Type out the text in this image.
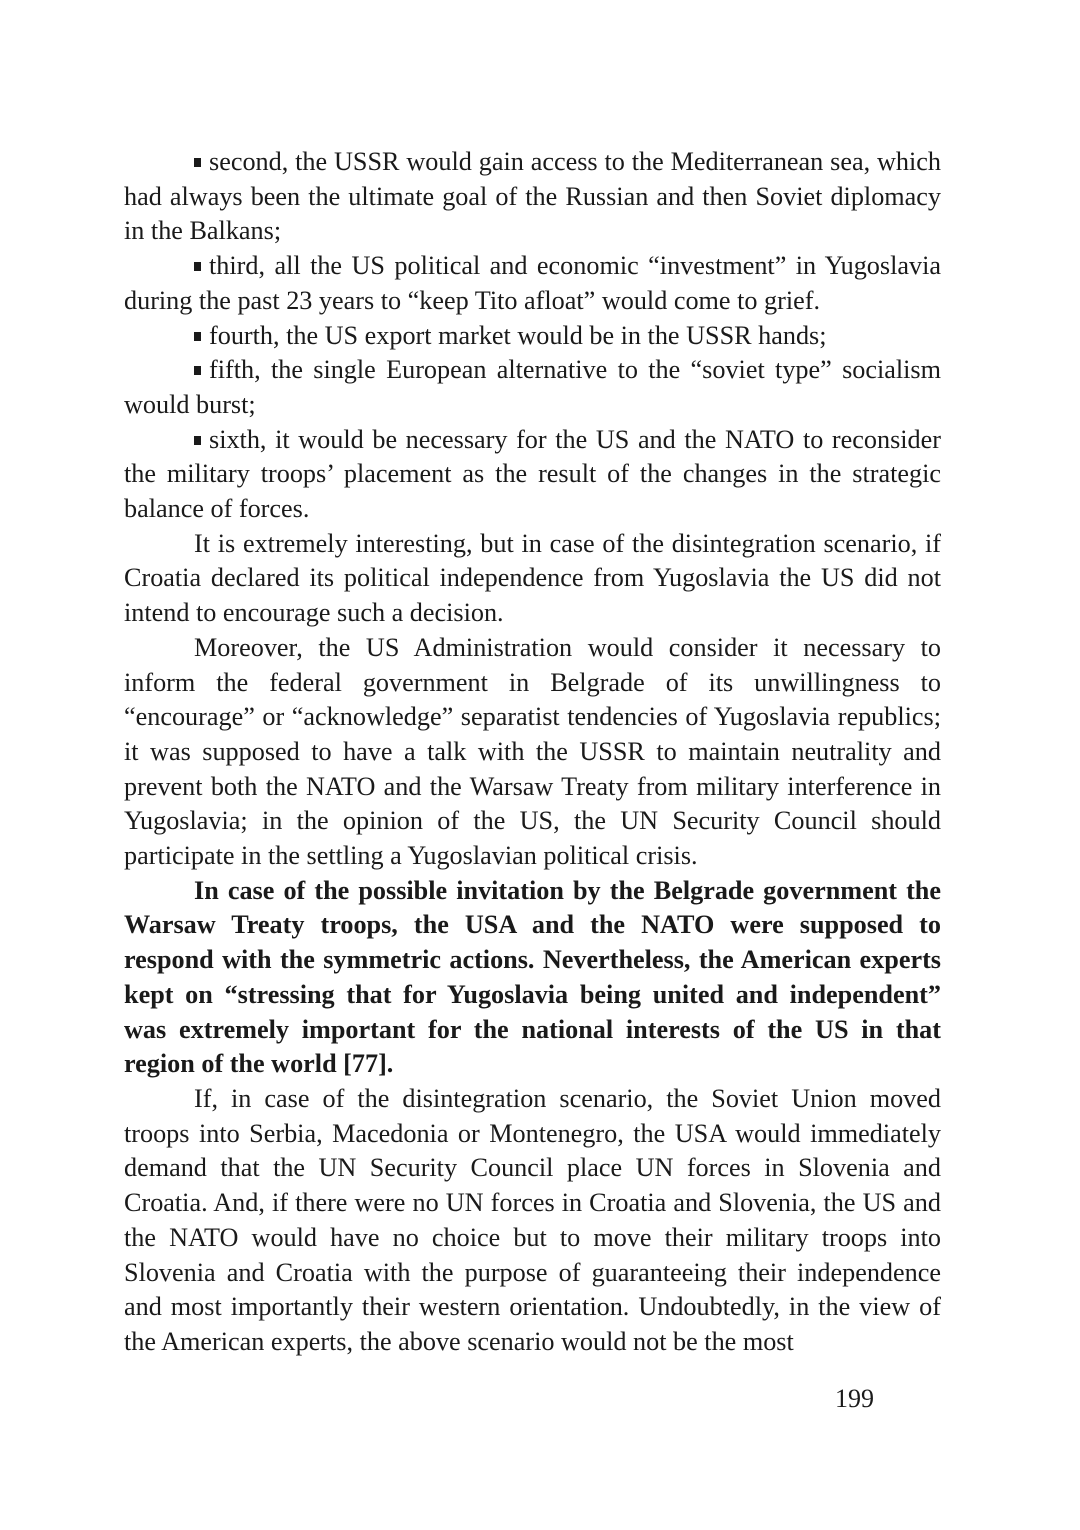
second, the USSR would gain access to the Mediterranean sea, which had always been the ultimate goal of the Russian and then Soviet diplomacy in the Balkans;

third, all the US political and economic “investment” in Yugoslavia during the past 23 years to “keep Tito afloat” would come to grief.

fourth, the US export market would be in the USSR hands;

fifth, the single European alternative to the “soviet type” socialism would burst;

sixth, it would be necessary for the US and the NATO to reconsider the military troops’ placement as the result of the changes in the strategic balance of forces.

It is extremely interesting, but in case of the disintegration scenario, if Croatia declared its political independence from Yugoslavia the US did not intend to encourage such a decision.

Moreover, the US Administration would consider it necessary to inform the federal government in Belgrade of its unwillingness to “encourage” or “acknowledge” separatist tendencies of Yugoslavia republics; it was supposed to have a talk with the USSR to maintain neutrality and prevent both the NATO and the Warsaw Treaty from military interference in Yugoslavia; in the opinion of the US, the UN Security Council should participate in the settling a Yugoslavian political crisis.

In case of the possible invitation by the Belgrade government the Warsaw Treaty troops, the USA and the NATO were supposed to respond with the symmetric actions. Nevertheless, the American experts kept on “stressing that for Yugoslavia being united and independent” was extremely important for the national interests of the US in that region of the world [77].

If, in case of the disintegration scenario, the Soviet Union moved troops into Serbia, Macedonia or Montenegro, the USA would immediately demand that the UN Security Council place UN forces in Slovenia and Croatia. And, if there were no UN forces in Croatia and Slovenia, the US and the NATO would have no choice but to move their military troops into Slovenia and Croatia with the purpose of guaranteeing their independence and most importantly their western orientation. Undoubtedly, in the view of the American experts, the above scenario would not be the most

199
